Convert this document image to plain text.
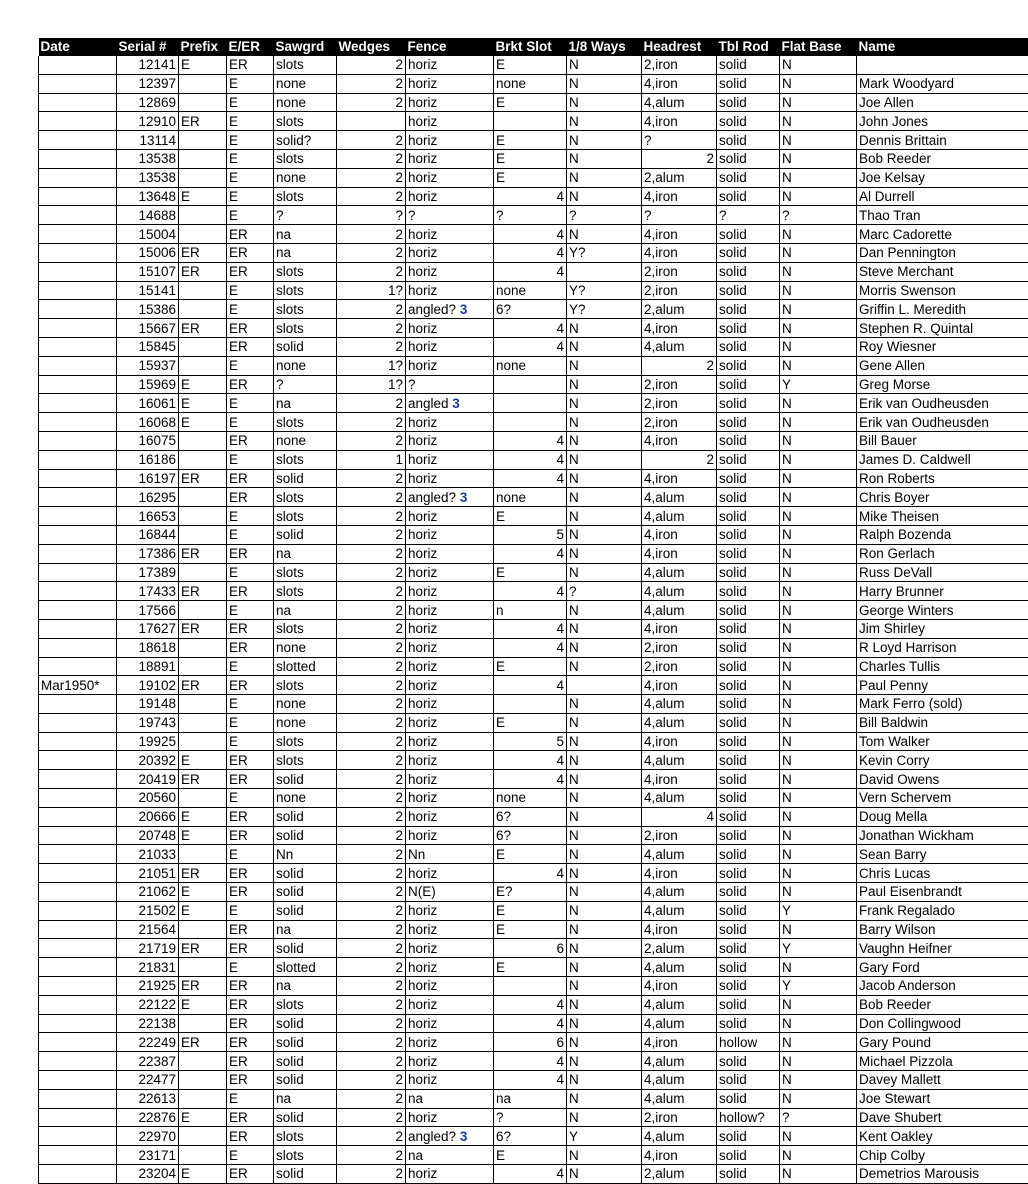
Date	Serial #	Prefix	E/ER	Sawgrd	Wedges	Fence	Brkt Slot	1/8 Ways	Headrest	Tbl Rod	Flat Base	Name
	12141	E	ER	slots	2	horiz	E	N	2,iron	solid	N	
	12397		E	none	2	horiz	none	N	4,iron	solid	N	Mark Woodyard
	12869		E	none	2	horiz	E	N	4,alum	solid	N	Joe Allen
	12910	ER	E	slots		horiz		N	4,iron	solid	N	John Jones
	13114		E	solid?	2	horiz	E	N	?	solid	N	Dennis Brittain
	13538		E	slots	2	horiz	E	N	2	solid	N	Bob Reeder
	13538		E	none	2	horiz	E	N	2,alum	solid	N	Joe Kelsay
	13648	E	E	slots	2	horiz	4	N	4,iron	solid	N	Al Durrell
	14688		E	?	?	?	?	?	?	?	?	Thao Tran
	15004		ER	na	2	horiz	4	N	4,iron	solid	N	Marc Cadorette
	15006	ER	ER	na	2	horiz	4	Y?	4,iron	solid	N	Dan Pennington
	15107	ER	ER	slots	2	horiz	4		2,iron	solid	N	Steve Merchant
	15141		E	slots	1?	horiz	none	Y?	2,iron	solid	N	Morris Swenson
	15386		E	slots	2	angled? 3	6?	Y?	2,alum	solid	N	Griffin L. Meredith
	15667	ER	ER	slots	2	horiz	4	N	4,iron	solid	N	Stephen R. Quintal
	15845		ER	solid	2	horiz	4	N	4,alum	solid	N	Roy Wiesner
	15937		E	none	1?	horiz	none	N	2	solid	N	Gene Allen
	15969	E	ER	?	1?	?		N	2,iron	solid	Y	Greg Morse
	16061	E	E	na	2	angled 3		N	2,iron	solid	N	Erik van Oudheusden
	16068	E	E	slots	2	horiz		N	2,iron	solid	N	Erik van Oudheusden
	16075		ER	none	2	horiz	4	N	4,iron	solid	N	Bill Bauer
	16186		E	slots	1	horiz	4	N	2	solid	N	James D. Caldwell
	16197	ER	ER	solid	2	horiz	4	N	4,iron	solid	N	Ron Roberts
	16295		ER	slots	2	angled? 3	none	N	4,alum	solid	N	Chris Boyer
	16653		E	slots	2	horiz	E	N	4,alum	solid	N	Mike Theisen
	16844		E	solid	2	horiz	5	N	4,iron	solid	N	Ralph Bozenda
	17386	ER	ER	na	2	horiz	4	N	4,iron	solid	N	Ron Gerlach
	17389		E	slots	2	horiz	E	N	4,alum	solid	N	Russ DeVall
	17433	ER	ER	slots	2	horiz	4	?	4,alum	solid	N	Harry Brunner
	17566		E	na	2	horiz	n	N	4,alum	solid	N	George Winters
	17627	ER	ER	slots	2	horiz	4	N	4,iron	solid	N	Jim Shirley
	18618		ER	none	2	horiz	4	N	2,iron	solid	N	R Loyd Harrison
	18891		E	slotted	2	horiz	E	N	2,iron	solid	N	Charles Tullis
Mar1950*	19102	ER	ER	slots	2	horiz	4		4,iron	solid	N	Paul Penny
	19148		E	none	2	horiz		N	4,alum	solid	N	Mark Ferro (sold)
	19743		E	none	2	horiz	E	N	4,alum	solid	N	Bill Baldwin
	19925		E	slots	2	horiz	5	N	4,iron	solid	N	Tom Walker
	20392	E	ER	slots	2	horiz	4	N	4,alum	solid	N	Kevin Corry
	20419	ER	ER	solid	2	horiz	4	N	4,iron	solid	N	David Owens
	20560		E	none	2	horiz	none	N	4,alum	solid	N	Vern Schervem
	20666	E	ER	solid	2	horiz	6?	N	4	solid	N	Doug Mella
	20748	E	ER	solid	2	horiz	6?	N	2,iron	solid	N	Jonathan Wickham
	21033		E	Nn	2	Nn	E	N	4,alum	solid	N	Sean Barry
	21051	ER	ER	solid	2	horiz	4	N	4,iron	solid	N	Chris Lucas
	21062	E	ER	solid	2	N(E)	E?	N	4,alum	solid	N	Paul Eisenbrandt
	21502	E	E	solid	2	horiz	E	N	4,alum	solid	Y	Frank Regalado
	21564		ER	na	2	horiz	E	N	4,iron	solid	N	Barry Wilson
	21719	ER	ER	solid	2	horiz	6	N	2,alum	solid	Y	Vaughn Heifner
	21831		E	slotted	2	horiz	E	N	4,alum	solid	N	Gary Ford
	21925	ER	ER	na	2	horiz		N	4,iron	solid	Y	Jacob Anderson
	22122	E	ER	slots	2	horiz	4	N	4,alum	solid	N	Bob Reeder
	22138		ER	solid	2	horiz	4	N	4,alum	solid	N	Don Collingwood
	22249	ER	ER	solid	2	horiz	6	N	4,iron	hollow	N	Gary Pound
	22387		ER	solid	2	horiz	4	N	4,alum	solid	N	Michael Pizzola
	22477		ER	solid	2	horiz	4	N	4,alum	solid	N	Davey Mallett
	22613		E	na	2	na	na	N	4,alum	solid	N	Joe Stewart
	22876	E	ER	solid	2	horiz	?	N	2,iron	hollow?	?	Dave Shubert
	22970		ER	slots	2	angled? 3	6?	Y	4,alum	solid	N	Kent Oakley
	23171		E	slots	2	na	E	N	4,iron	solid	N	Chip Colby
	23204	E	ER	solid	2	horiz	4	N	2,alum	solid	N	Demetrios Marousis
